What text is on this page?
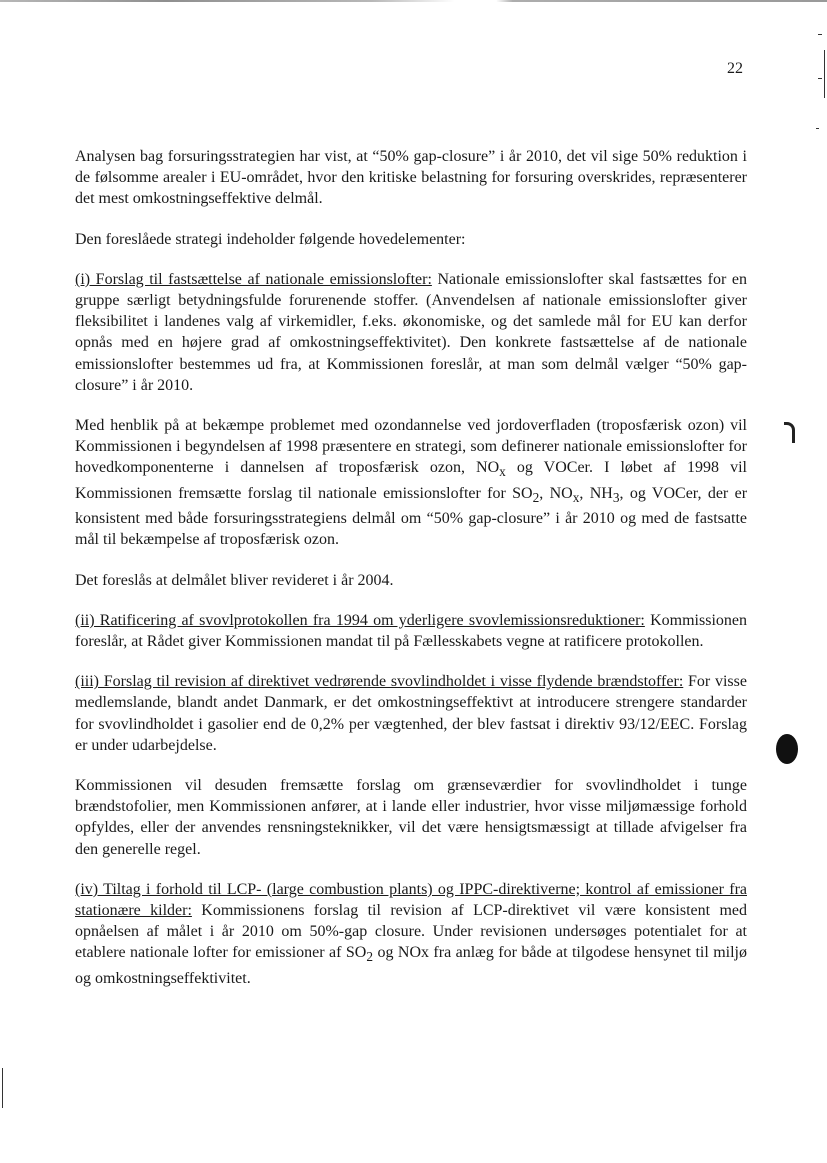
22

Analysen bag forsuringsstrategien har vist, at “50% gap-closure” i år 2010, det vil sige 50% reduktion i de følsomme arealer i EU-området, hvor den kritiske belastning for forsuring overskrides, repræsenterer det mest omkostningseffektive delmål.

Den foreslåede strategi indeholder følgende hovedelementer:

(i) Forslag til fastsættelse af nationale emissionslofter: Nationale emissionslofter skal fastsættes for en gruppe særligt betydningsfulde forurenende stoffer. (Anvendelsen af nationale emissionslofter giver fleksibilitet i landenes valg af virkemidler, f.eks. økonomiske, og det samlede mål for EU kan derfor opnås med en højere grad af omkostningseffektivitet). Den konkrete fastsættelse af de nationale emissionslofter bestemmes ud fra, at Kommissionen foreslår, at man som delmål vælger “50% gap-closure” i år 2010.

Med henblik på at bekæmpe problemet med ozondannelse ved jordoverfladen (troposfærisk ozon) vil Kommissionen i begyndelsen af 1998 præsentere en strategi, som definerer nationale emissionslofter for hovedkomponenterne i dannelsen af troposfærisk ozon, $NO_x$ og VOCer. I løbet af 1998 vil Kommissionen fremsætte forslag til nationale emissionslofter for $SO_2$, $NO_x$, $NH_3$, og VOCer, der er konsistent med både forsuringsstrategiens delmål om “50% gap-closure” i år 2010 og med de fastsatte mål til bekæmpelse af troposfærisk ozon.

Det foreslås at delmålet bliver revideret i år 2004.

(ii) Ratificering af svovlprotokollen fra 1994 om yderligere svovlemissionsreduktioner: Kommissionen foreslår, at Rådet giver Kommissionen mandat til på Fællesskabets vegne at ratificere protokollen.

(iii) Forslag til revision af direktivet vedrørende svovlindholdet i visse flydende brændstoffer: For visse medlemslande, blandt andet Danmark, er det omkostningseffektivt at introducere strengere standarder for svovlindholdet i gasolier end de 0,2% per vægtenhed, der blev fastsat i direktiv 93/12/EEC. Forslag er under udarbejdelse.

Kommissionen vil desuden fremsætte forslag om grænseværdier for svovlindholdet i tunge brændstofolier, men Kommissionen anfører, at i lande eller industrier, hvor visse miljømæssige forhold opfyldes, eller der anvendes rensningsteknikker, vil det være hensigtsmæssigt at tillade afvigelser fra den generelle regel.

(iv) Tiltag i forhold til LCP- (large combustion plants) og IPPC-direktiverne; kontrol af emissioner fra stationære kilder: Kommissionens forslag til revision af LCP-direktivet vil være konsistent med opnåelsen af målet i år 2010 om 50%-gap closure. Under revisionen undersøges potentialet for at etablere nationale lofter for emissioner af $SO_2$ og NOx fra anlæg for både at tilgodese hensynet til miljø og omkostningseffektivitet.
